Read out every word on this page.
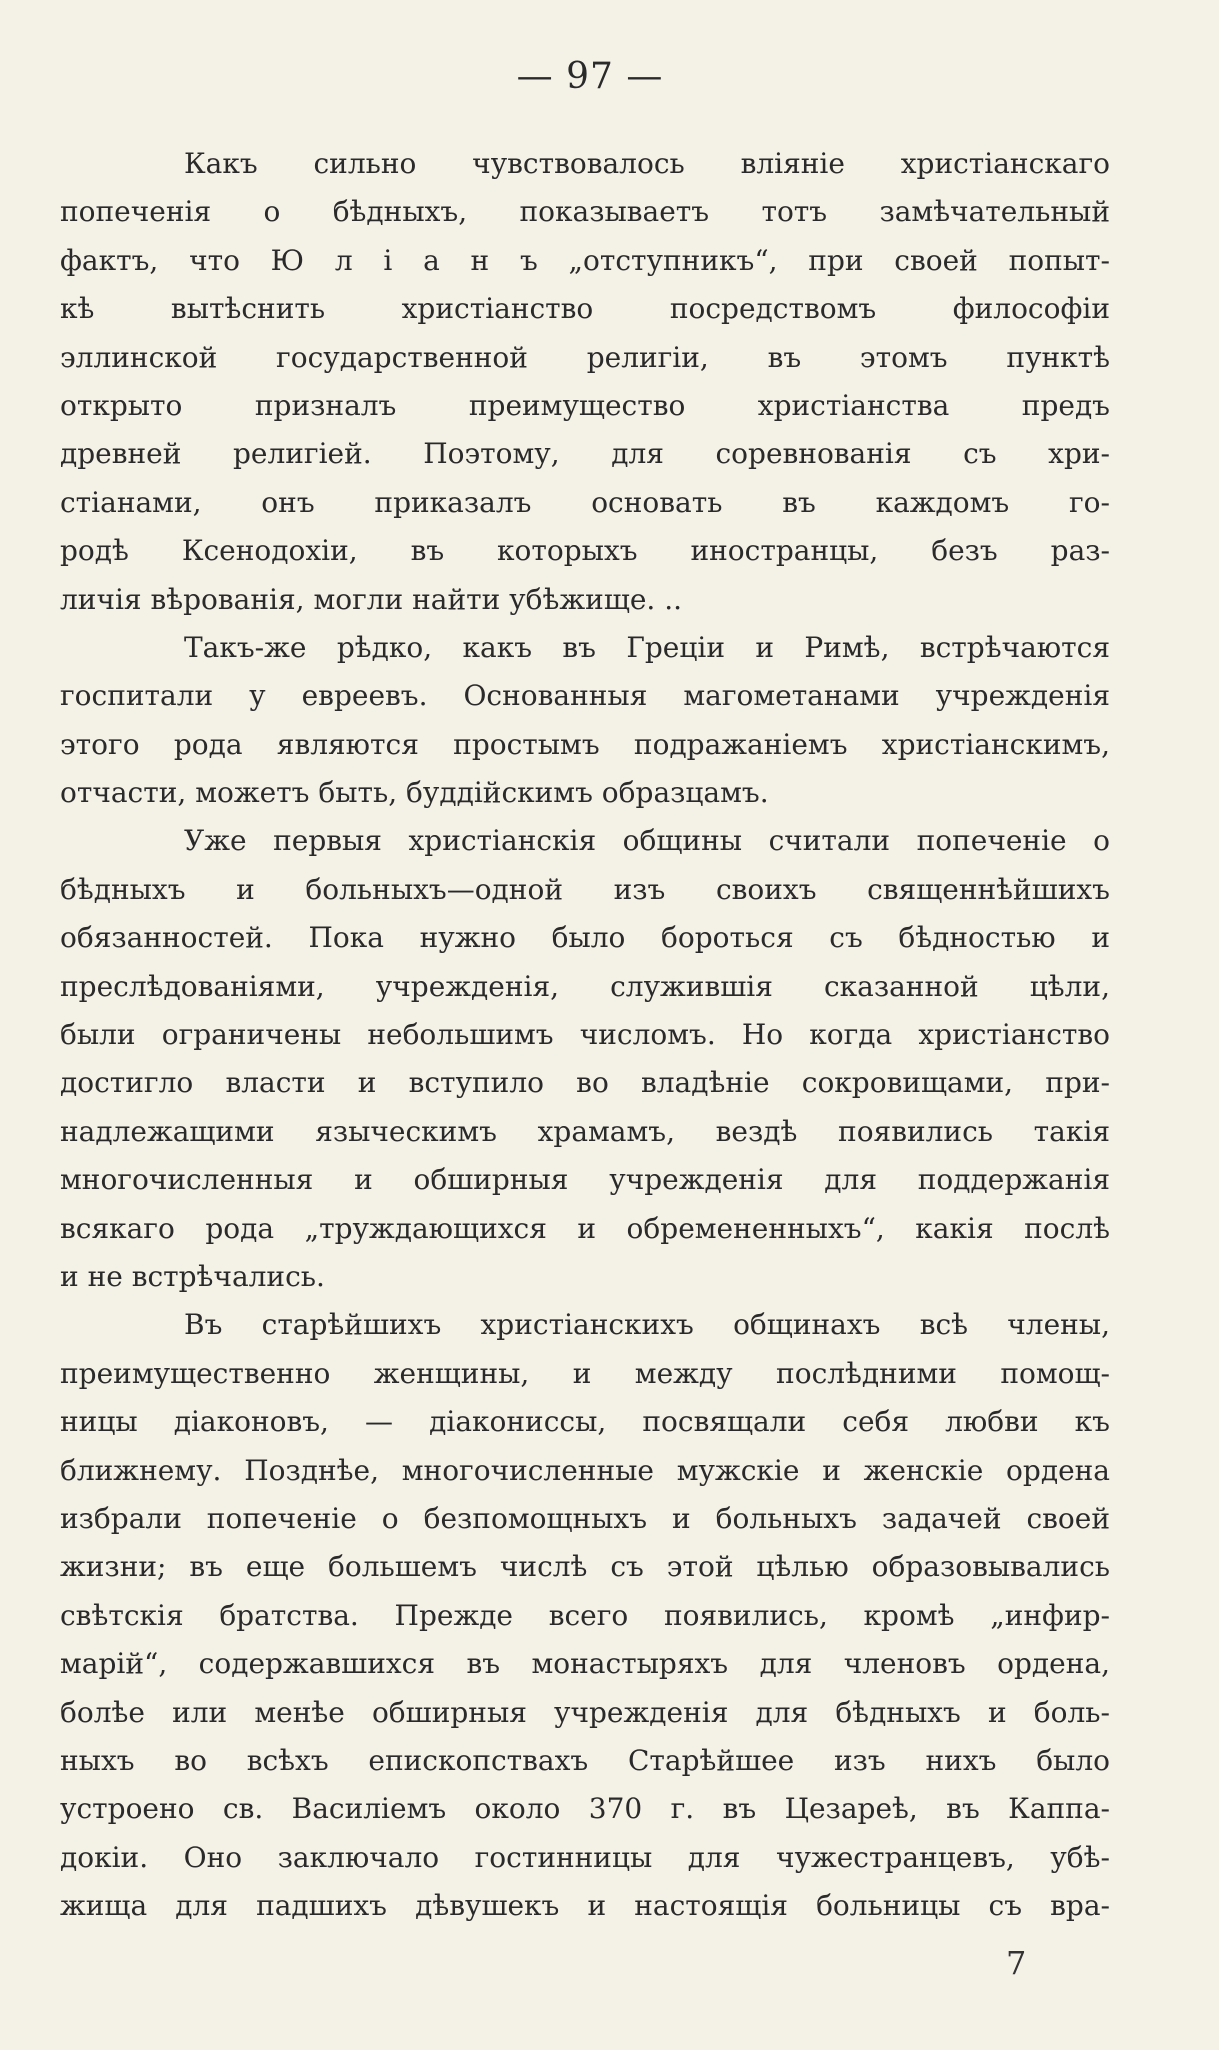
— 97 —
Какъ сильно чувствовалось влiянiе христiанскаго
попеченiя о бѣдныхъ, показываетъ тотъ замѣчательный
фактъ, что Ю л i а н ъ „отступникъ“, при своей попыт-
кѣ вытѣснить христiанство посредствомъ философiи
эллинской государственной религiи, въ этомъ пунктѣ
открыто призналъ преимущество христiанства предъ
древней религiей. Поэтому, для соревнованiя съ хри-
стiанами, онъ приказалъ основать въ каждомъ го-
родѣ Ксенодохiи, въ которыхъ иностранцы, безъ раз-
личiя вѣрованiя, могли найти убѣжище. ..
Такъ-же рѣдко, какъ въ Грецiи и Римѣ, встрѣчаются
госпитали у евреевъ. Основанныя магометанами учрежденiя
этого рода являются простымъ подражанiемъ христiанскимъ,
отчасти, можетъ быть, буддiйскимъ образцамъ.
Уже первыя христiанскiя общины считали попеченiе о
бѣдныхъ и больныхъ—одной изъ своихъ священнѣйшихъ
обязанностей. Пока нужно было бороться съ бѣдностью и
преслѣдованiями, учрежденiя, служившiя сказанной цѣли,
были ограничены небольшимъ числомъ. Но когда христiанство
достигло власти и вступило во владѣнiе сокровищами, при-
надлежащими языческимъ храмамъ, вездѣ появились такiя
многочисленныя и обширныя учрежденiя для поддержанiя
всякаго рода „труждающихся и обремененныхъ“, какiя послѣ
и не встрѣчались.
Въ старѣйшихъ христiанскихъ общинахъ всѣ члены,
преимущественно женщины, и между послѣдними помощ-
ницы дiаконовъ, — дiакониссы, посвящали себя любви къ
ближнему. Позднѣе, многочисленные мужскiе и женскiе ордена
избрали попеченiе о безпомощныхъ и больныхъ задачей своей
жизни; въ еще большемъ числѣ съ этой цѣлью образовывались
свѣтскiя братства. Прежде всего появились, кромѣ „инфир-
марiй“, содержавшихся въ монастыряхъ для членовъ ордена,
болѣе или менѣе обширныя учрежденiя для бѣдныхъ и боль-
ныхъ во всѣхъ епископствахъ Старѣйшее изъ нихъ было
устроено св. Василiемъ около 370 г. въ Цезареѣ, въ Каппа-
докiи. Оно заключало гостинницы для чужестранцевъ, убѣ-
жища для падшихъ дѣвушекъ и настоящiя больницы съ вра-
7
